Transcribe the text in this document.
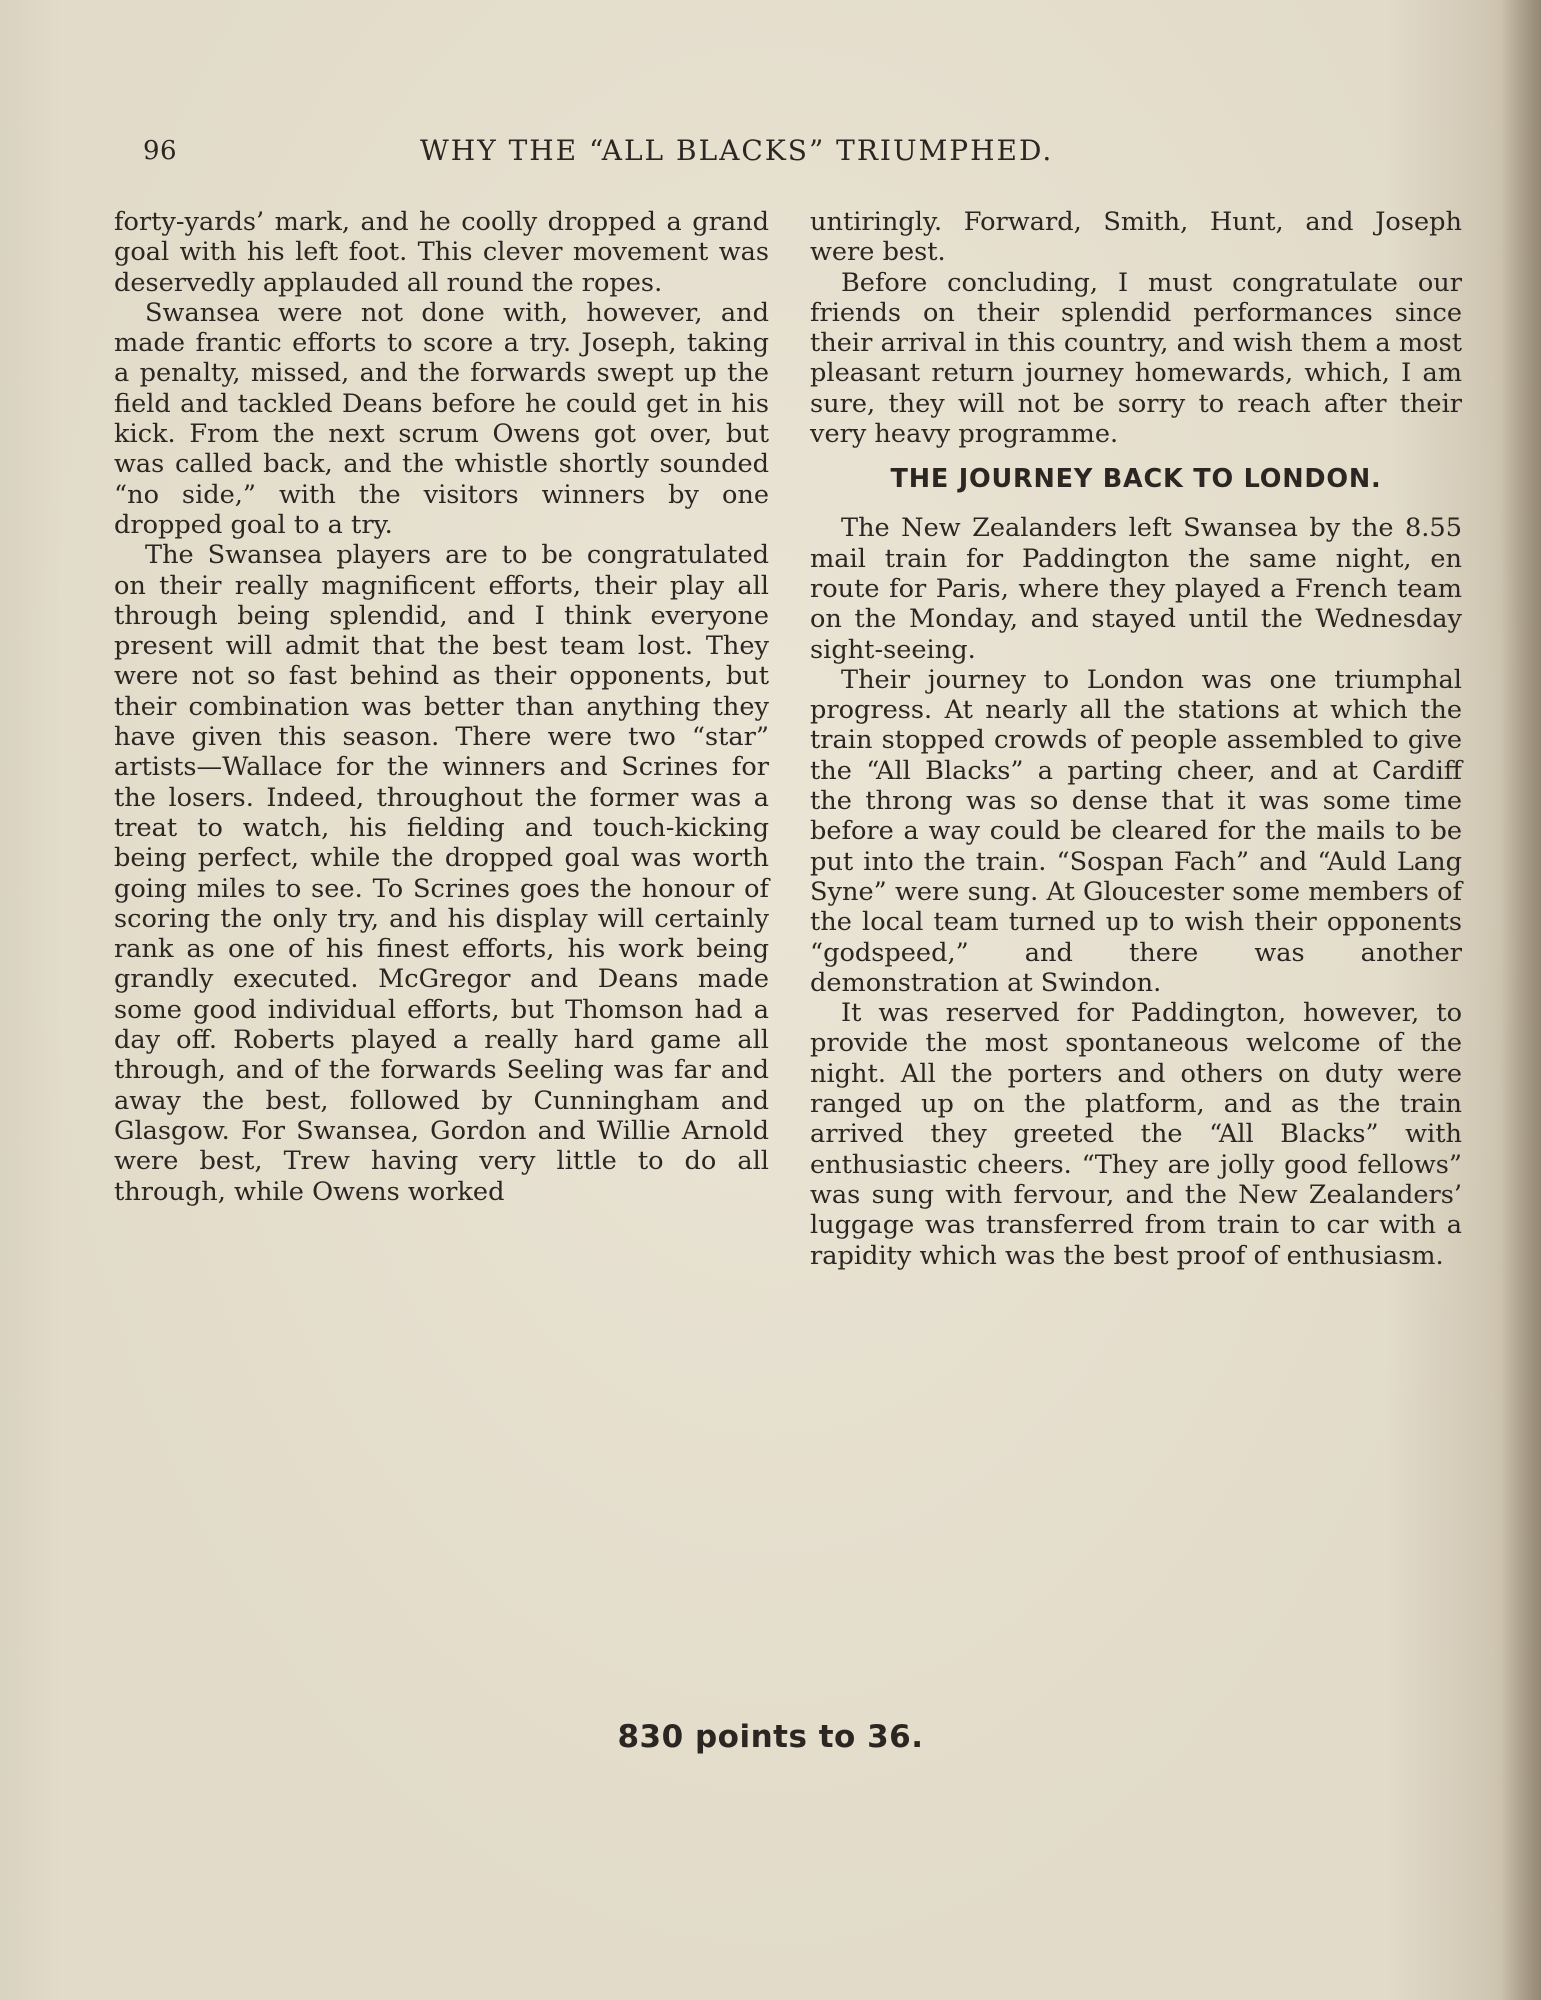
96	WHY THE “ALL BLACKS” TRIUMPHED.

forty-yards’ mark, and he coolly dropped a grand goal with his left foot. This clever movement was deservedly applauded all round the ropes.

Swansea were not done with, however, and made frantic efforts to score a try. Joseph, taking a penalty, missed, and the forwards swept up the field and tackled Deans before he could get in his kick. From the next scrum Owens got over, but was called back, and the whistle shortly sounded “no side,” with the visitors winners by one dropped goal to a try.

The Swansea players are to be congratulated on their really magnificent efforts, their play all through being splendid, and I think everyone present will admit that the best team lost. They were not so fast behind as their opponents, but their combination was better than anything they have given this season. There were two “star” artists—Wallace for the winners and Scrines for the losers. Indeed, throughout the former was a treat to watch, his fielding and touch-kicking being perfect, while the dropped goal was worth going miles to see. To Scrines goes the honour of scoring the only try, and his display will certainly rank as one of his finest efforts, his work being grandly executed. McGregor and Deans made some good individual efforts, but Thomson had a day off. Roberts played a really hard game all through, and of the forwards Seeling was far and away the best, followed by Cunningham and Glasgow. For Swansea, Gordon and Willie Arnold were best, Trew having very little to do all through, while Owens worked

untiringly. Forward, Smith, Hunt, and Joseph were best.

Before concluding, I must congratulate our friends on their splendid performances since their arrival in this country, and wish them a most pleasant return journey homewards, which, I am sure, they will not be sorry to reach after their very heavy programme.

THE JOURNEY BACK TO LONDON.

The New Zealanders left Swansea by the 8.55 mail train for Paddington the same night, en route for Paris, where they played a French team on the Monday, and stayed until the Wednesday sight-seeing.

Their journey to London was one triumphal progress. At nearly all the stations at which the train stopped crowds of people assembled to give the “All Blacks” a parting cheer, and at Cardiff the throng was so dense that it was some time before a way could be cleared for the mails to be put into the train. “Sospan Fach” and “Auld Lang Syne” were sung. At Gloucester some members of the local team turned up to wish their opponents “godspeed,” and there was another demonstration at Swindon.

It was reserved for Paddington, however, to provide the most spontaneous welcome of the night. All the porters and others on duty were ranged up on the platform, and as the train arrived they greeted the “All Blacks” with enthusiastic cheers. “They are jolly good fellows” was sung with fervour, and the New Zealanders’ luggage was transferred from train to car with a rapidity which was the best proof of enthusiasm.

830 points to 36.
